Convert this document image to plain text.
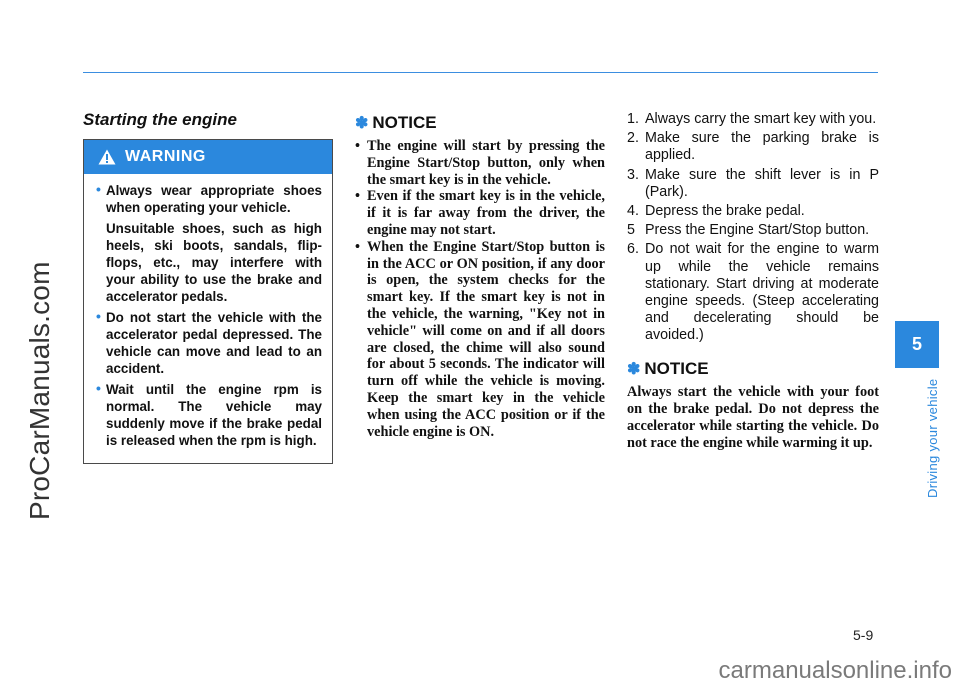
ProCarManuals.com
Starting the engine
WARNING
• Always wear appropriate shoes when operating your vehicle.
Unsuitable shoes, such as high heels, ski boots, sandals, flip-flops, etc., may interfere with your ability to use the brake and accelerator pedals.
• Do not start the vehicle with the accelerator pedal depressed. The vehicle can move and lead to an accident.
• Wait until the engine rpm is normal. The vehicle may suddenly move if the brake pedal is released when the rpm is high.
✽ NOTICE
• The engine will start by pressing the Engine Start/Stop button, only when the smart key is in the vehicle.
• Even if the smart key is in the vehicle, if it is far away from the driver, the engine may not start.
• When the Engine Start/Stop button is in the ACC or ON position, if any door is open, the system checks for the smart key. If the smart key is not in the vehicle, the warning, "Key not in vehicle" will come on and if all doors are closed, the chime will also sound for about 5 seconds. The indicator will turn off while the vehicle is moving. Keep the smart key in the vehicle when using the ACC position or if the vehicle engine is ON.
1. Always carry the smart key with you.
2. Make sure the parking brake is applied.
3. Make sure the shift lever is in P (Park).
4. Depress the brake pedal.
5 Press the Engine Start/Stop button.
6. Do not wait for the engine to warm up while the vehicle remains stationary. Start driving at moderate engine speeds. (Steep accelerating and decelerating should be avoided.)
✽ NOTICE
Always start the vehicle with your foot on the brake pedal. Do not depress the accelerator while starting the vehicle. Do not race the engine while warming it up.
5
Driving your vehicle
5-9
carmanualsonline.info
